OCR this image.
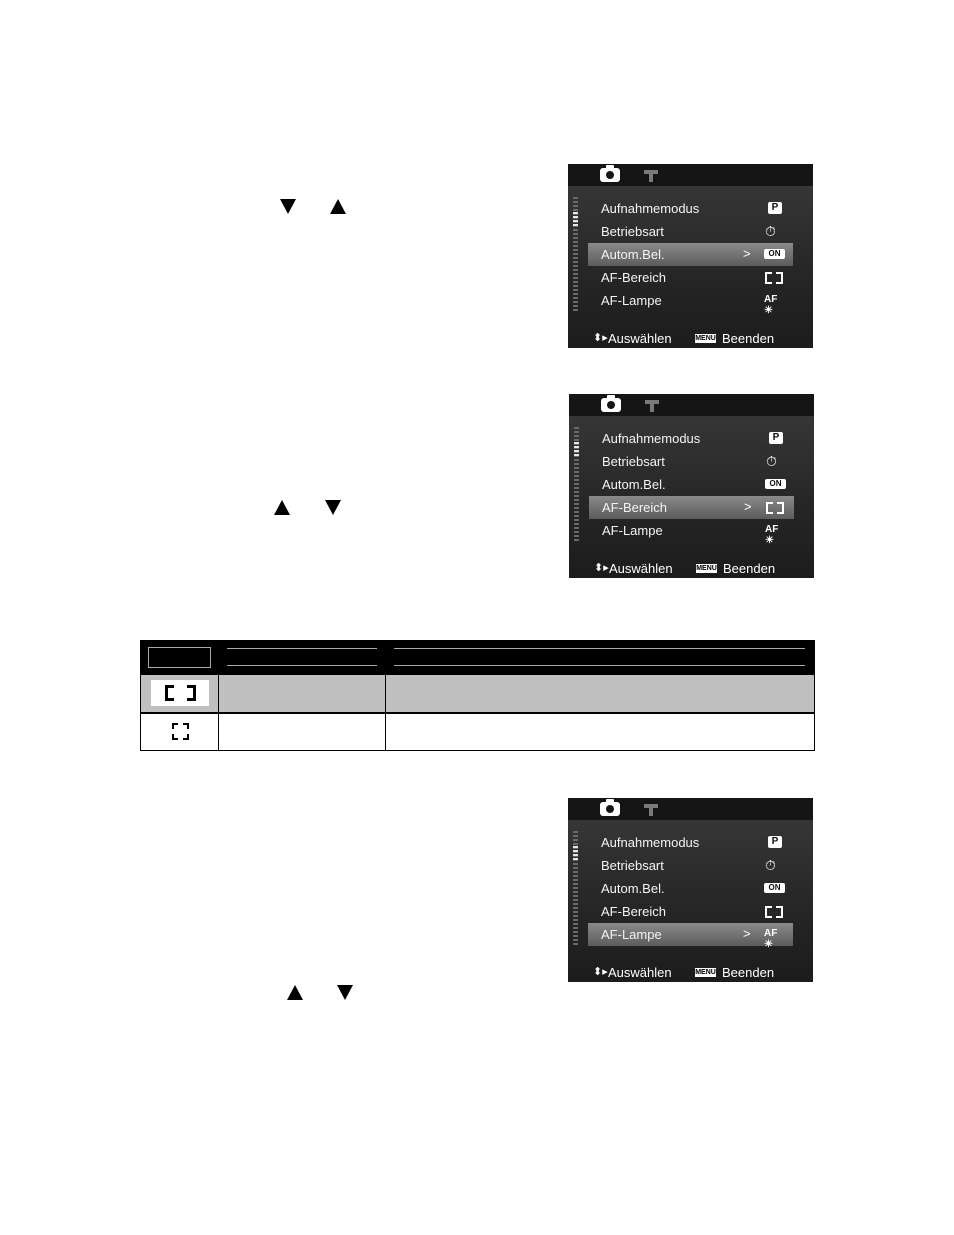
Aufnahmemodus	P
Betriebsart	⏱
Autom.Bel.	>	ON
AF-Bereich
AF-Lampe	AF☀
⬍▸ Auswählen	MENU Beenden
Aufnahmemodus	P
Betriebsart	⏱
Autom.Bel.	ON
AF-Bereich	>
AF-Lampe	AF☀
⬍▸ Auswählen	MENU Beenden
Aufnahmemodus	P
Betriebsart	⏱
Autom.Bel.	ON
AF-Bereich
AF-Lampe	> AF☀
⬍▸ Auswählen	MENU Beenden
